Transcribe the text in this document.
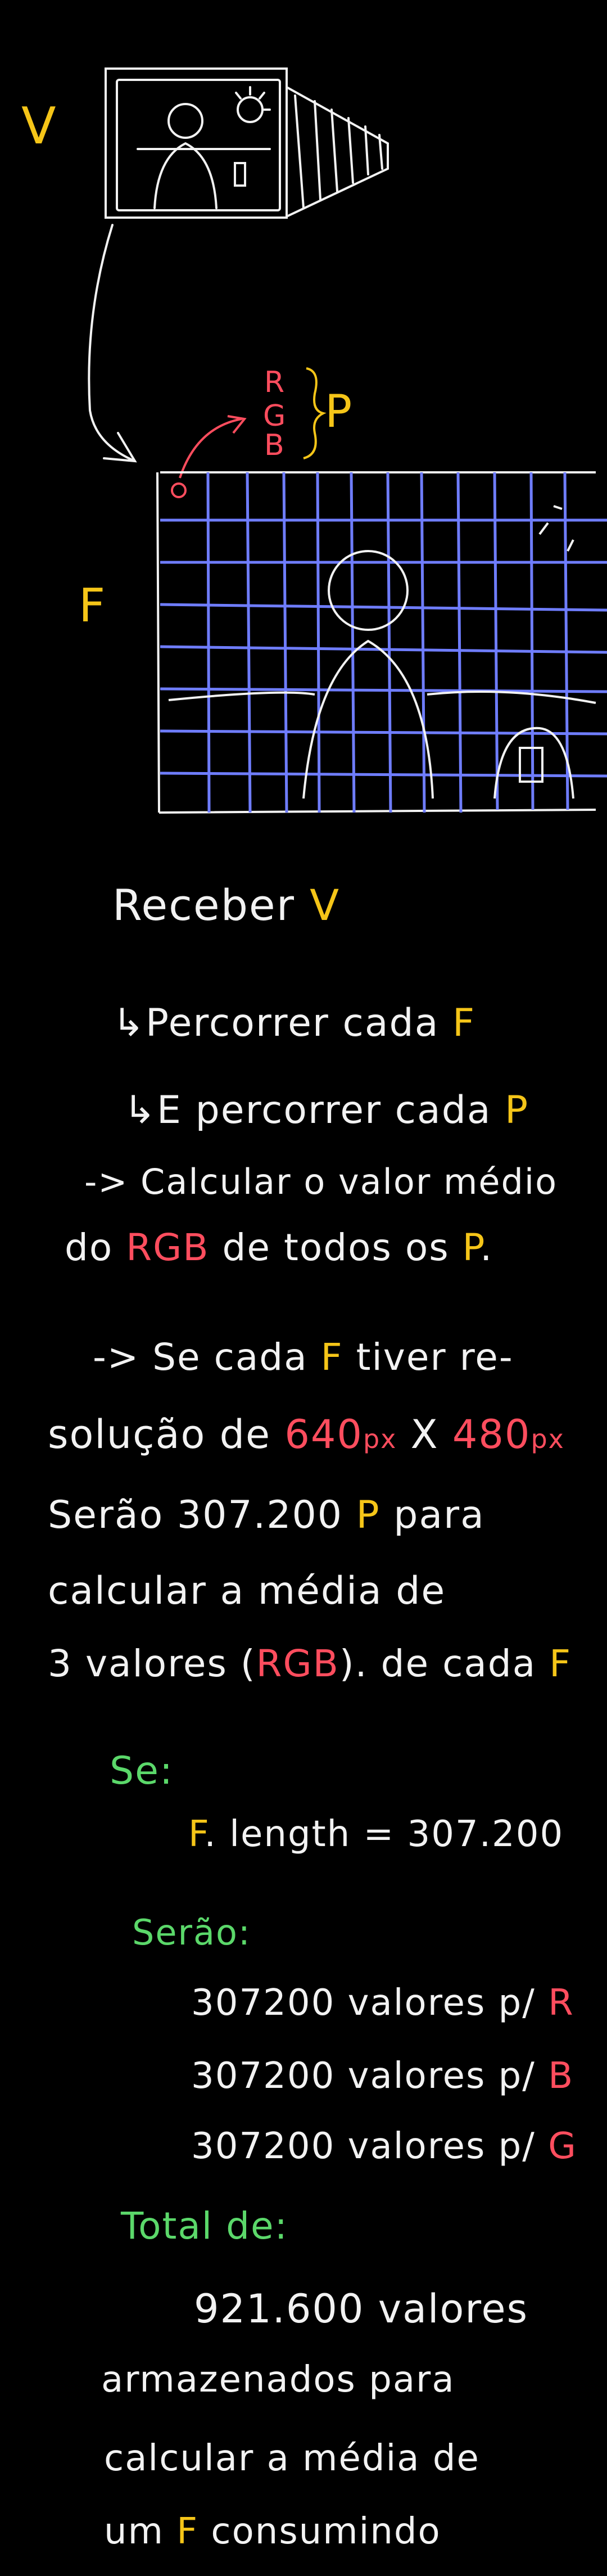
V
F
P
R
G
B
Receber V
↳Percorrer cada F
↳E percorrer cada P
-> Calcular o valor médio
do RGB de todos os P.
-> Se cada F tiver re-
solução de 640px X 480px
Serão 307.200 P para
calcular a média de
3 valores (RGB). de cada F
Se:
F. length = 307.200
Serão:
307200 valores p/ R
307200 valores p/ B
307200 valores p/ G
Total de:
921.600 valores
armazenados para
calcular a média de
um F consumindo
